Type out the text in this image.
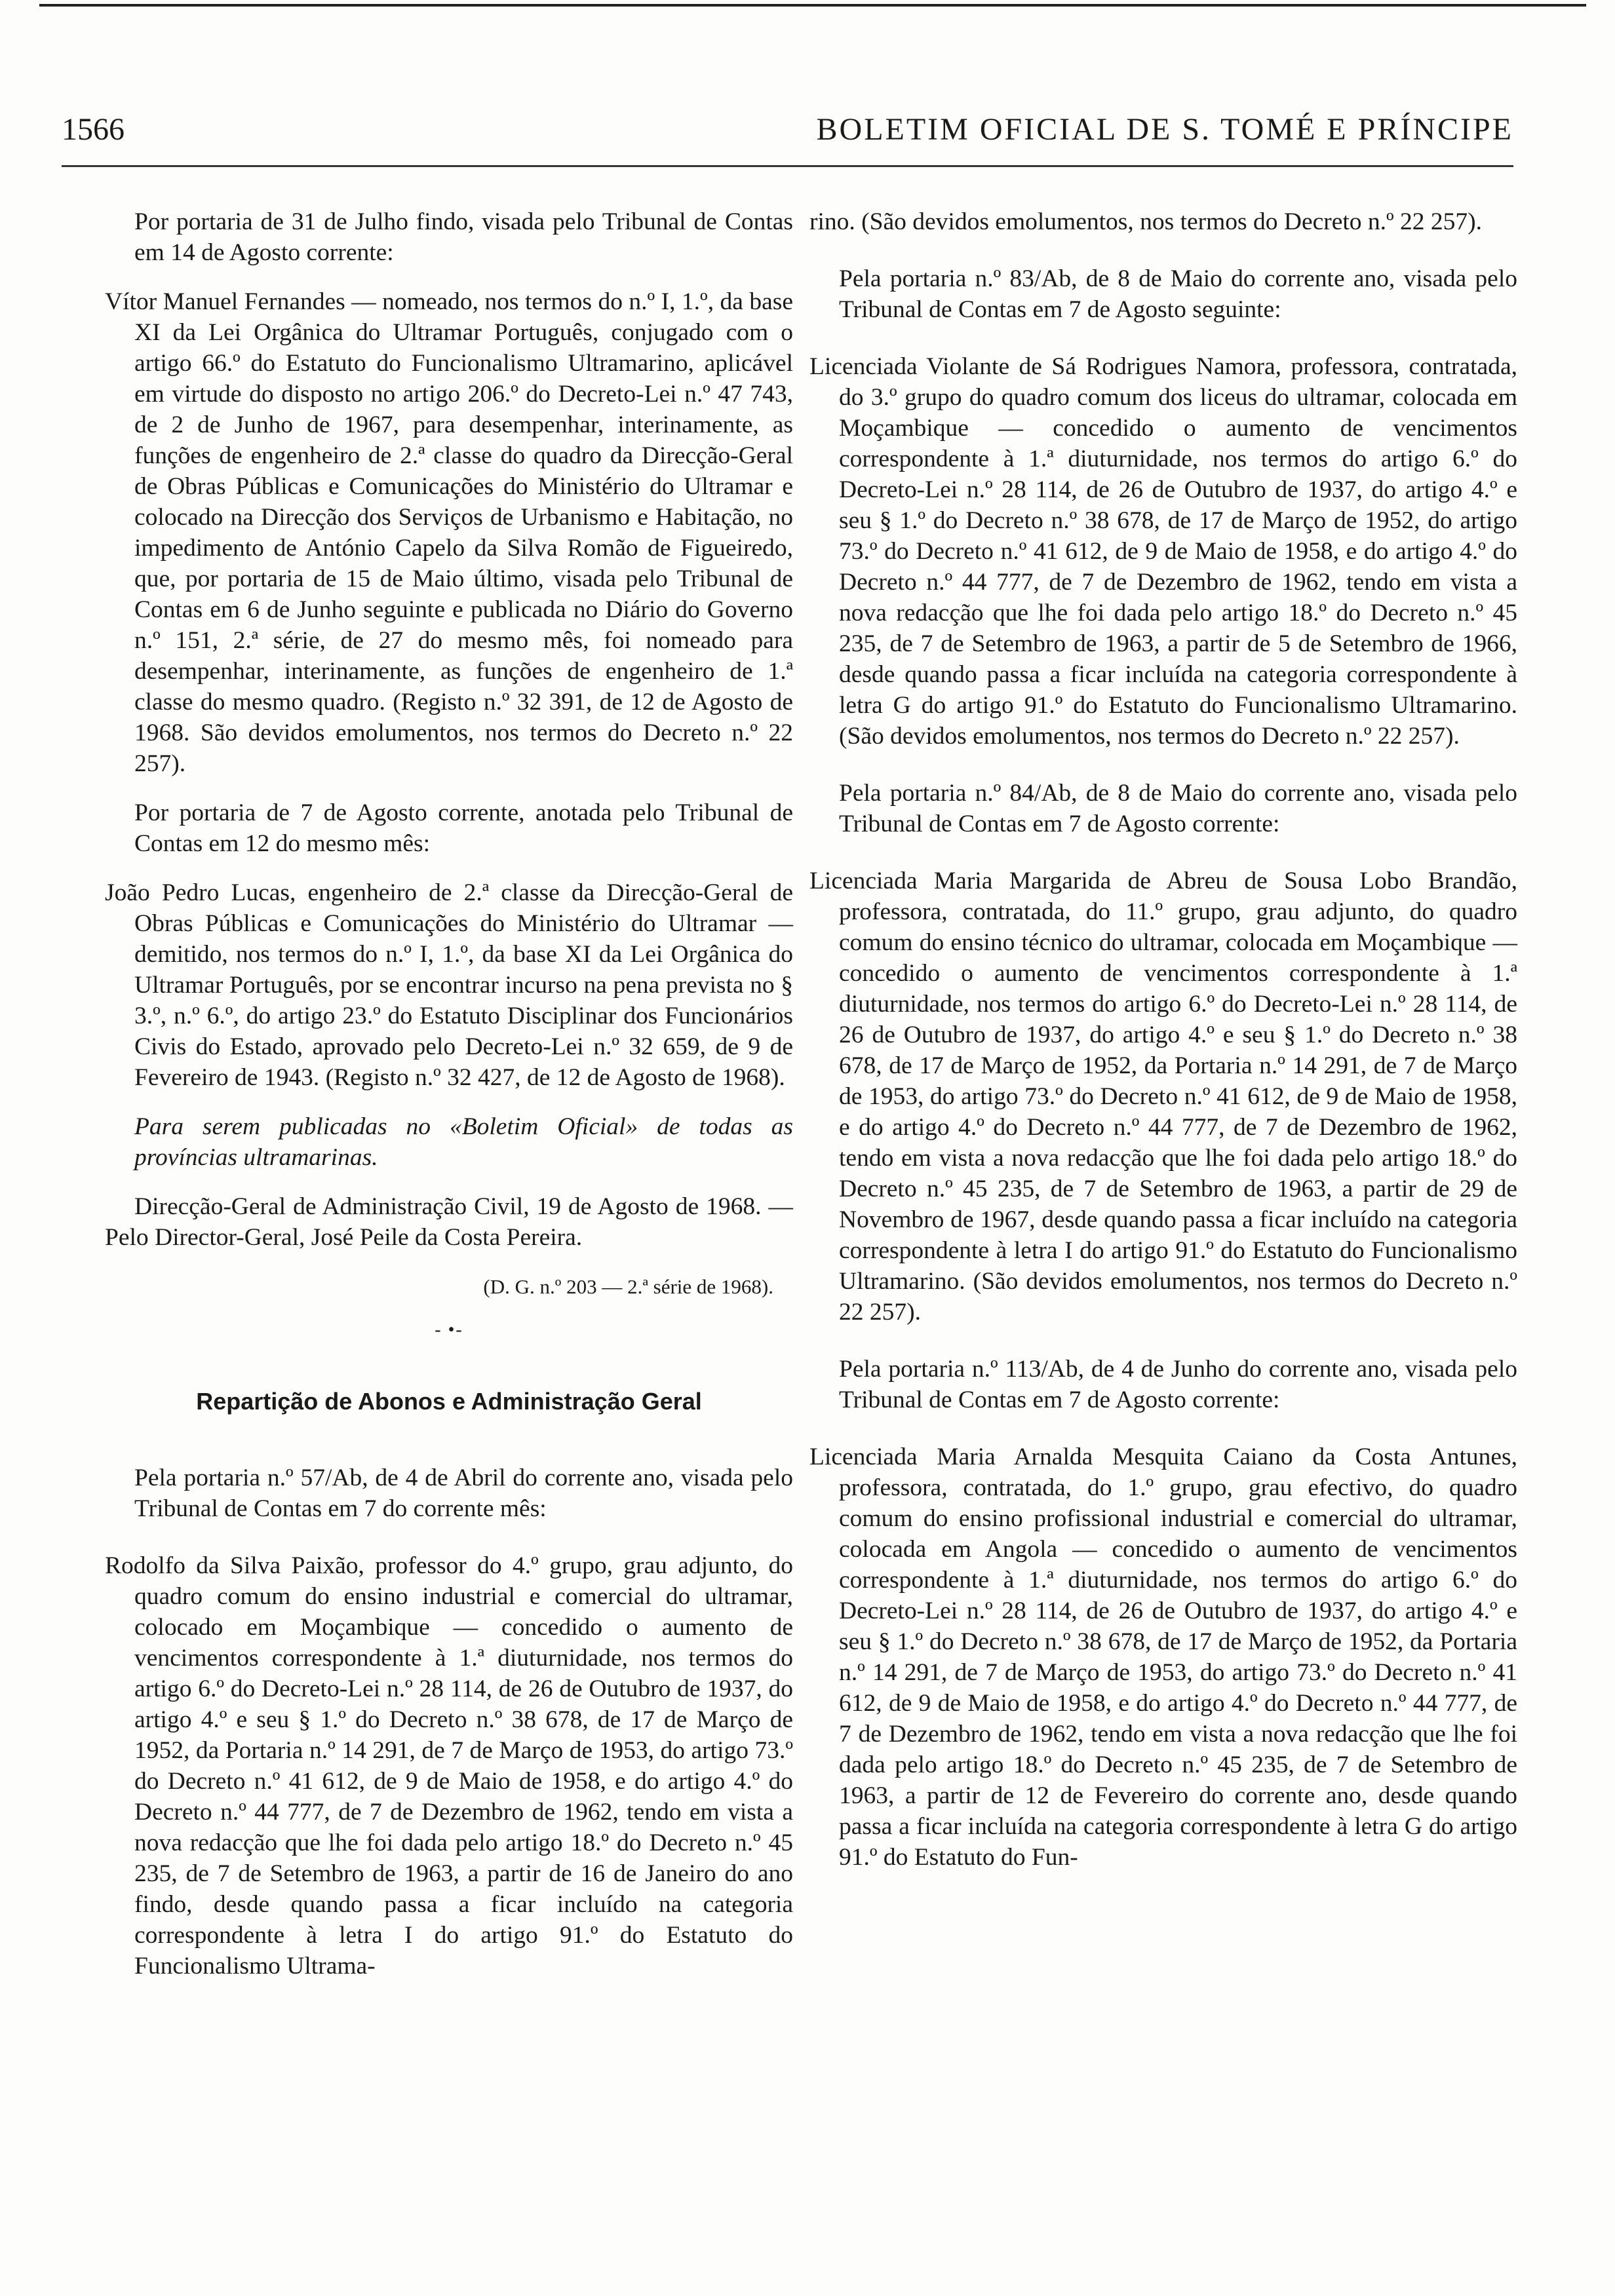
1566	BOLETIM OFICIAL DE S. TOMÉ E PRÍNCIPE

Por portaria de 31 de Julho findo, visada pelo Tribunal de Contas em 14 de Agosto corrente:

Vítor Manuel Fernandes — nomeado, nos termos do n.º I, 1.º, da base XI da Lei Orgânica do Ultramar Português, conjugado com o artigo 66.º do Estatuto do Funcionalismo Ultramarino, aplicável em virtude do disposto no artigo 206.º do Decreto-Lei n.º 47 743, de 2 de Junho de 1967, para desempenhar, interinamente, as funções de engenheiro de 2.ª classe do quadro da Direcção-Geral de Obras Públicas e Comunicações do Ministério do Ultramar e colocado na Direcção dos Serviços de Urbanismo e Habitação, no impedimento de António Capelo da Silva Romão de Figueiredo, que, por portaria de 15 de Maio último, visada pelo Tribunal de Contas em 6 de Junho seguinte e publicada no Diário do Governo n.º 151, 2.ª série, de 27 do mesmo mês, foi nomeado para desempenhar, interinamente, as funções de engenheiro de 1.ª classe do mesmo quadro. (Registo n.º 32 391, de 12 de Agosto de 1968. São devidos emolumentos, nos termos do Decreto n.º 22 257).

Por portaria de 7 de Agosto corrente, anotada pelo Tribunal de Contas em 12 do mesmo mês:

João Pedro Lucas, engenheiro de 2.ª classe da Direcção-Geral de Obras Públicas e Comunicações do Ministério do Ultramar — demitido, nos termos do n.º I, 1.º, da base XI da Lei Orgânica do Ultramar Português, por se encontrar incurso na pena prevista no § 3.º, n.º 6.º, do artigo 23.º do Estatuto Disciplinar dos Funcionários Civis do Estado, aprovado pelo Decreto-Lei n.º 32 659, de 9 de Fevereiro de 1943. (Registo n.º 32 427, de 12 de Agosto de 1968).

Para serem publicadas no «Boletim Oficial» de todas as províncias ultramarinas.

Direcção-Geral de Administração Civil, 19 de Agosto de 1968. — Pelo Director-Geral, José Peile da Costa Pereira.

(D. G. n.º 203 — 2.ª série de 1968).

- •-

Repartição de Abonos e Administração Geral

Pela portaria n.º 57/Ab, de 4 de Abril do corrente ano, visada pelo Tribunal de Contas em 7 do corrente mês:

Rodolfo da Silva Paixão, professor do 4.º grupo, grau adjunto, do quadro comum do ensino industrial e comercial do ultramar, colocado em Moçambique — concedido o aumento de vencimentos correspondente à 1.ª diuturnidade, nos termos do artigo 6.º do Decreto-Lei n.º 28 114, de 26 de Outubro de 1937, do artigo 4.º e seu § 1.º do Decreto n.º 38 678, de 17 de Março de 1952, da Portaria n.º 14 291, de 7 de Março de 1953, do artigo 73.º do Decreto n.º 41 612, de 9 de Maio de 1958, e do artigo 4.º do Decreto n.º 44 777, de 7 de Dezembro de 1962, tendo em vista a nova redacção que lhe foi dada pelo artigo 18.º do Decreto n.º 45 235, de 7 de Setembro de 1963, a partir de 16 de Janeiro do ano findo, desde quando passa a ficar incluído na categoria correspondente à letra I do artigo 91.º do Estatuto do Funcionalismo Ultrama-

rino. (São devidos emolumentos, nos termos do Decreto n.º 22 257).

Pela portaria n.º 83/Ab, de 8 de Maio do corrente ano, visada pelo Tribunal de Contas em 7 de Agosto seguinte:

Licenciada Violante de Sá Rodrigues Namora, professora, contratada, do 3.º grupo do quadro comum dos liceus do ultramar, colocada em Moçambique — concedido o aumento de vencimentos correspondente à 1.ª diuturnidade, nos termos do artigo 6.º do Decreto-Lei n.º 28 114, de 26 de Outubro de 1937, do artigo 4.º e seu § 1.º do Decreto n.º 38 678, de 17 de Março de 1952, do artigo 73.º do Decreto n.º 41 612, de 9 de Maio de 1958, e do artigo 4.º do Decreto n.º 44 777, de 7 de Dezembro de 1962, tendo em vista a nova redacção que lhe foi dada pelo artigo 18.º do Decreto n.º 45 235, de 7 de Setembro de 1963, a partir de 5 de Setembro de 1966, desde quando passa a ficar incluída na categoria correspondente à letra G do artigo 91.º do Estatuto do Funcionalismo Ultramarino. (São devidos emolumentos, nos termos do Decreto n.º 22 257).

Pela portaria n.º 84/Ab, de 8 de Maio do corrente ano, visada pelo Tribunal de Contas em 7 de Agosto corrente:

Licenciada Maria Margarida de Abreu de Sousa Lobo Brandão, professora, contratada, do 11.º grupo, grau adjunto, do quadro comum do ensino técnico do ultramar, colocada em Moçambique — concedido o aumento de vencimentos correspondente à 1.ª diuturnidade, nos termos do artigo 6.º do Decreto-Lei n.º 28 114, de 26 de Outubro de 1937, do artigo 4.º e seu § 1.º do Decreto n.º 38 678, de 17 de Março de 1952, da Portaria n.º 14 291, de 7 de Março de 1953, do artigo 73.º do Decreto n.º 41 612, de 9 de Maio de 1958, e do artigo 4.º do Decreto n.º 44 777, de 7 de Dezembro de 1962, tendo em vista a nova redacção que lhe foi dada pelo artigo 18.º do Decreto n.º 45 235, de 7 de Setembro de 1963, a partir de 29 de Novembro de 1967, desde quando passa a ficar incluído na categoria correspondente à letra I do artigo 91.º do Estatuto do Funcionalismo Ultramarino. (São devidos emolumentos, nos termos do Decreto n.º 22 257).

Pela portaria n.º 113/Ab, de 4 de Junho do corrente ano, visada pelo Tribunal de Contas em 7 de Agosto corrente:

Licenciada Maria Arnalda Mesquita Caiano da Costa Antunes, professora, contratada, do 1.º grupo, grau efectivo, do quadro comum do ensino profissional industrial e comercial do ultramar, colocada em Angola — concedido o aumento de vencimentos correspondente à 1.ª diuturnidade, nos termos do artigo 6.º do Decreto-Lei n.º 28 114, de 26 de Outubro de 1937, do artigo 4.º e seu § 1.º do Decreto n.º 38 678, de 17 de Março de 1952, da Portaria n.º 14 291, de 7 de Março de 1953, do artigo 73.º do Decreto n.º 41 612, de 9 de Maio de 1958, e do artigo 4.º do Decreto n.º 44 777, de 7 de Dezembro de 1962, tendo em vista a nova redacção que lhe foi dada pelo artigo 18.º do Decreto n.º 45 235, de 7 de Setembro de 1963, a partir de 12 de Fevereiro do corrente ano, desde quando passa a ficar incluída na categoria correspondente à letra G do artigo 91.º do Estatuto do Fun-
